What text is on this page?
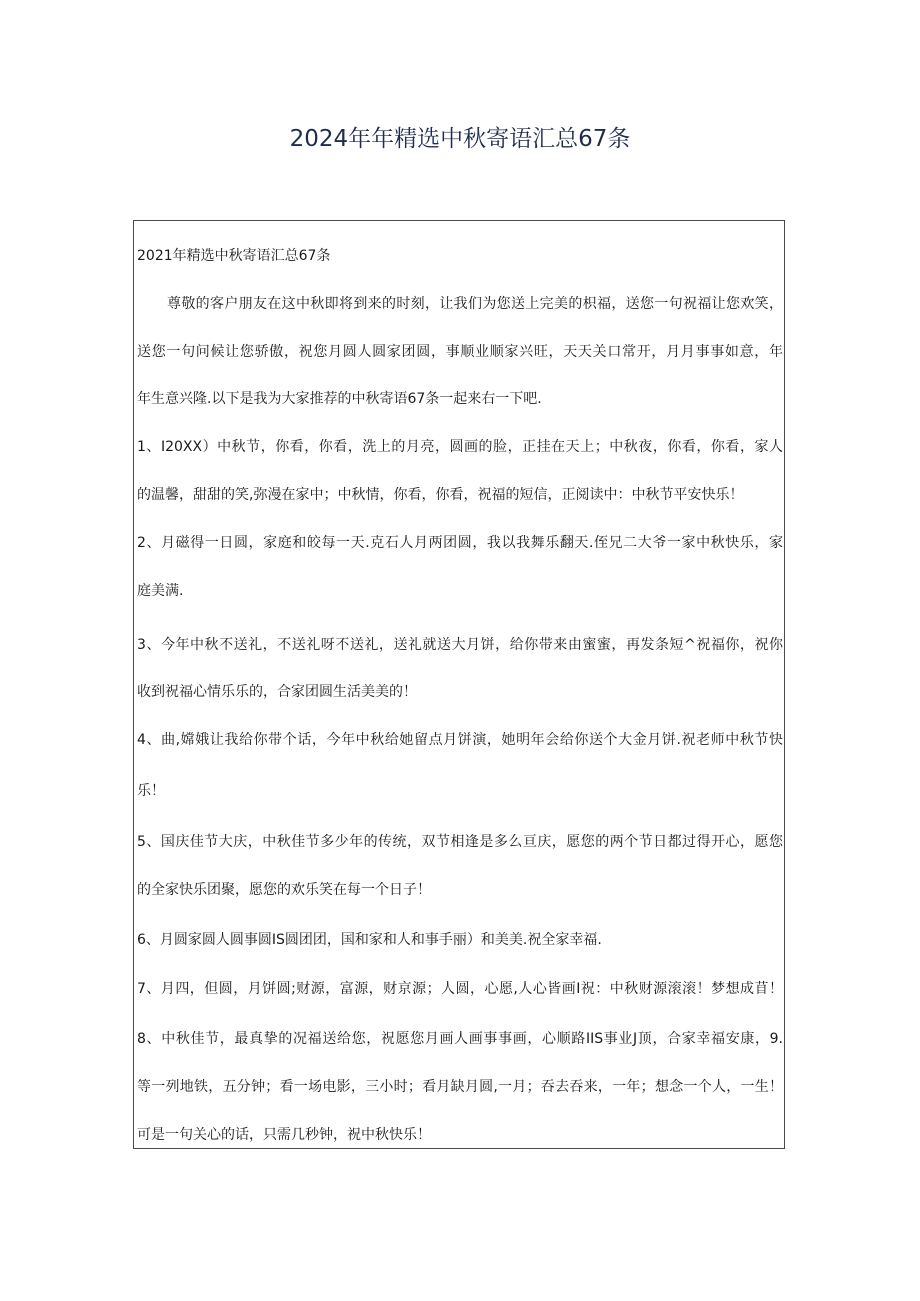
2024年年精选中秋寄语汇总67条
2021年精选中秋寄语汇总67条
尊敬的客户朋友在这中秋即将到来的时刻，让我们为您送上完美的枳福，送您一句祝福让您欢笑，
送您一句问候让您骄傲，祝您月圆人圆家团圆，事顺业顺家兴旺，天天关口常开，月月事事如意，年
年生意兴隆.以下是我为大家推荐的中秋寄语67条一起来右一下吧.
1、I20XX）中秋节，你看，你看，洗上的月亮，圆画的脸，正挂在天上；中秋夜，你看，你看，家人
的温馨，甜甜的笑,弥漫在家中；中秋情，你看，你看，祝福的短信，正阅读中：中秋节平安快乐！
2、月磁得一日圆，家庭和皎每一天.克石人月两团圆，我以我舞乐翻天.侄兄二大爷一家中秋快乐，家
庭美满.
3、今年中秋不送礼，不送礼呀不送礼，送礼就送大月饼，给你带来由蜜蜜，再发条短^祝福你，祝你
收到祝福心情乐乐的，合家团圆生活美美的！
4、曲,嫦娥让我给你带个话，今年中秋给她留点月饼演，她明年会给你送个大金月饼.祝老师中秋节快
乐！
5、国庆佳节大庆，中秋佳节多少年的传统，双节相逢是多么亘庆，愿您的两个节日都过得开心，愿您
的全家快乐团聚，愿您的欢乐笑在每一个日子！
6、月圆家圆人圆事圆IS圆团团，国和家和人和事手丽）和美美.祝全家幸福.
7、月四，但圆，月饼圆;财源，富源，财京源；人圆，心愿,人心皆画I祝：中秋财源滚滚！梦想成苜！
8、中秋佳节，最真挚的况福送给您，祝愿您月画人画事事画，心顺路IIS事业J顶，合家幸福安康，9.
等一列地铁，五分钟；看一场电影，三小时；看月缺月圆,一月；吞去吞来，一年；想念一个人，一生！
可是一句关心的话，只需几秒钟，祝中秋快乐！
